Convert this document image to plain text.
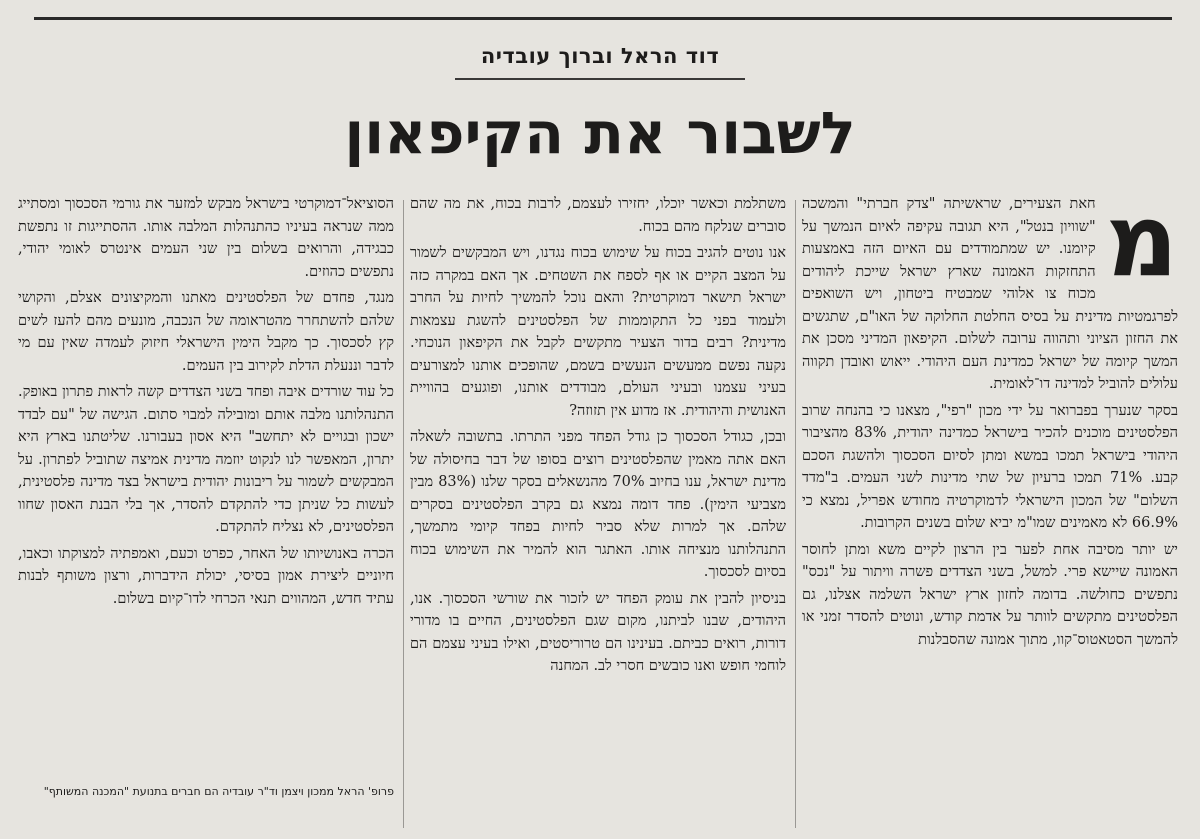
דוד הראל וברוך עובדיה
לשבור את הקיפאון
מ

חאת הצעירים, שראשיתה "צדק חברתי" והמשכה "שוויון בנטל", היא תגובה עקיפה לאיום הנמשך על קיומנו. יש שמתמודדים עם האיום הזה באמצעות התחזקות האמונה שארץ ישראל שייכת ליהודים מכוח צו אלוהי שמבטיח ביטחון, ויש השואפים לפרגמטיות מדינית על בסיס החלטת החלוקה של האו"ם, שתגשים את החזון הציוני ותהווה ערובה לשלום. הקיפאון המדיני מסכן את המשך קיומה של ישראל כמדינת העם היהודי. ייאוש ואובדן תקווה עלולים להוביל למדינה דו־לאומית.

בסקר שנערך בפברואר על ידי מכון "רפי", מצאנו כי בהנחה שרוב הפלסטינים מוכנים להכיר בישראל כמדינה יהודית, 83% מהציבור היהודי בישראל תמכו במשא ומתן לסיום הסכסוך ולהשגת הסכם קבע. 71% תמכו ברעיון של שתי מדינות לשני העמים. ב"מדד השלום" של המכון הישראלי לדמוקרטיה מחודש אפריל, נמצא כי 66.9% לא מאמינים שמו"מ יביא שלום בשנים הקרובות.

יש יותר מסיבה אחת לפער בין הרצון לקיים משא ומתן לחוסר האמונה שיישא פרי. למשל, בשני הצדדים פשרה וויתור על "נכס" נתפשים כחולשה. בדומה לחזון ארץ ישראל השלמה אצלנו, גם הפלסטינים מתקשים לוותר על אדמת קודש, ונוטים להסדר זמני או להמשך הסטאטוס־קוו, מתוך אמונה שהסבלנות

משתלמת וכאשר יוכלו, יחזירו לעצמם, לרבות בכוח, את מה שהם סוברים שנלקח מהם בכוח.

אנו נוטים להגיב בכוח על שימוש בכוח נגדנו, ויש המבקשים לשמור על המצב הקיים או אף לספח את השטחים. אך האם במקרה כזה ישראל תישאר דמוקרטית? והאם נוכל להמשיך לחיות על החרב ולעמוד בפני כל התקוממות של הפלסטינים להשגת עצמאות מדינית? רבים בדור הצעיר מתקשים לקבל את הקיפאון הנוכחי. נקעה נפשם ממעשים הנעשים בשמם, שהופכים אותנו למצורעים בעיני עצמנו ובעיני העולם, מבודדים אותנו, ופוגעים בהוויית האנושית והיהודית. אז מדוע אין תזוזה?

ובכן, כגודל הסכסוך כן גודל הפחד מפני התרתו. בתשובה לשאלה האם אתה מאמין שהפלסטינים רוצים בסופו של דבר בחיסולה של מדינת ישראל, ענו בחיוב 70% מהנשאלים בסקר שלנו (83% מבין מצביעי הימין). פחד דומה נמצא גם בקרב הפלסטינים בסקרים שלהם. אך למרות שלא סביר לחיות בפחד קיומי מתמשך, התנהלותנו מנציחה אותו. האתגר הוא להמיר את השימוש בכוח בסיום לסכסוך.

בניסיון להבין את עומק הפחד יש לזכור את שורשי הסכסוך. אנו, היהודים, שבנו לביתנו, מקום שגם הפלסטינים, החיים בו מדורי דורות, רואים כביתם. בעינינו הם טרוריסטים, ואילו בעיני עצמם הם לוחמי חופש ואנו כובשים חסרי לב. המחנה

הסוציאל־דמוקרטי בישראל מבקש למזער את גורמי הסכסוך ומסתייג ממה שנראה בעיניו כהתנהלות המלבה אותו. ההסתייגות זו נתפשת כבגידה, והרואים בשלום בין שני העמים אינטרס לאומי יהודי, נתפשים כהוזים.

מנגד, פחדם של הפלסטינים מאתנו והמקיצונים אצלם, והקושי שלהם להשתחרר מהטראומה של הנכבה, מונעים מהם להעז לשים קץ לסכסוך. כך מקבל הימין הישראלי חיזוק לעמדה שאין עם מי לדבר וננעלת הדלת לקירוב בין העמים.

כל עוד שורדים איבה ופחד בשני הצדדים קשה לראות פתרון באופק. התנהלותנו מלבה אותם ומובילה למבוי סתום. הגישה של "עם לבדד ישכון ובגויים לא יתחשב" היא אסון בעבורנו. שליטתנו בארץ היא יתרון, המאפשר לנו לנקוט יוזמה מדינית אמיצה שתוביל לפתרון. על המבקשים לשמור על ריבונות יהודית בישראל בצד מדינה פלסטינית, לעשות כל שניתן כדי להתקדם להסדר, אך בלי הבנת האסון שחוו הפלסטינים, לא נצליח להתקדם.

הכרה באנושיותו של האחר, כפרט וכעם, ואמפתיה למצוקתו וכאבו, חיוניים ליצירת אמון בסיסי, יכולת הידברות, ורצון משותף לבנות עתיד חדש, המהווים תנאי הכרחי לדו־קיום בשלום.

פרופ' הראל ממכון ויצמן וד"ר עובדיה הם חברים בתנועת "המכנה המשותף"
